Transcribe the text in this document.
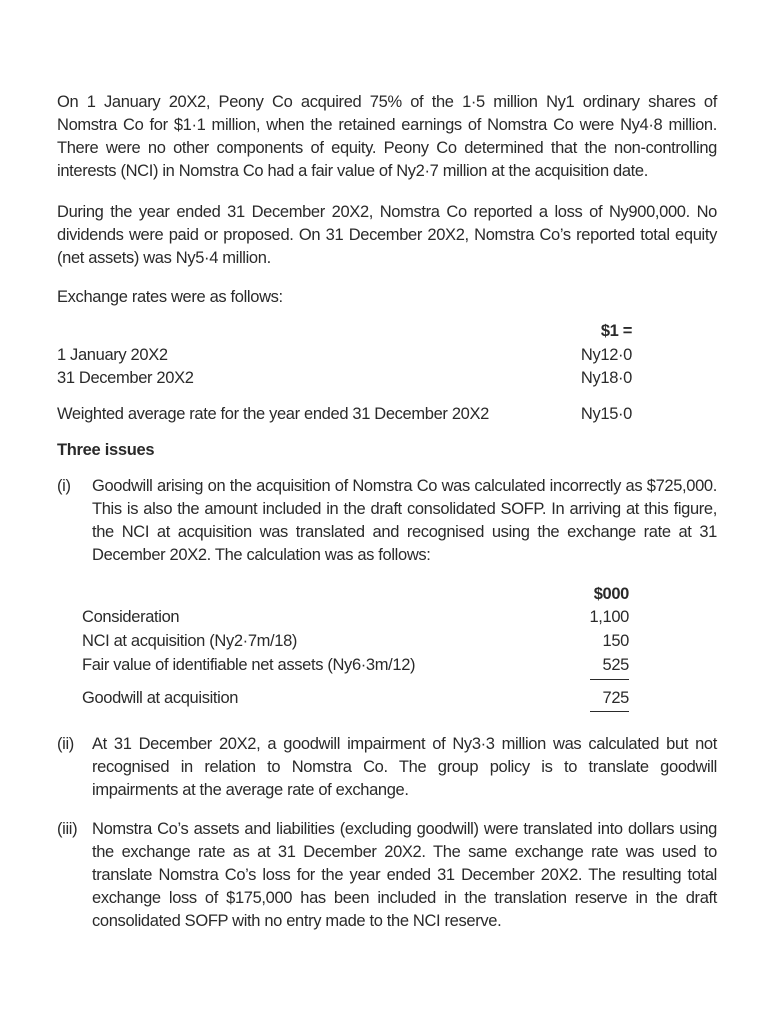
On 1 January 20X2, Peony Co acquired 75% of the 1·5 million Ny1 ordinary shares of Nomstra Co for $1·1 million, when the retained earnings of Nomstra Co were Ny4·8 million. There were no other components of equity. Peony Co determined that the non-controlling interests (NCI) in Nomstra Co had a fair value of Ny2·7 million at the acquisition date.

During the year ended 31 December 20X2, Nomstra Co reported a loss of Ny900,000. No dividends were paid or proposed. On 31 December 20X2, Nomstra Co’s reported total equity (net assets) was Ny5·4 million.

Exchange rates were as follows:

$1 =
1 January 20X2	Ny12·0
31 December 20X2	Ny18·0
Weighted average rate for the year ended 31 December 20X2	Ny15·0

Three issues

(i)	Goodwill arising on the acquisition of Nomstra Co was calculated incorrectly as $725,000. This is also the amount included in the draft consolidated SOFP. In arriving at this figure, the NCI at acquisition was translated and recognised using the exchange rate at 31 December 20X2. The calculation was as follows:
$000
Consideration	1,100
NCI at acquisition (Ny2·7m/18)	150
Fair value of identifiable net assets (Ny6·3m/12)	525
Goodwill at acquisition	725
(ii)	At 31 December 20X2, a goodwill impairment of Ny3·3 million was calculated but not recognised in relation to Nomstra Co. The group policy is to translate goodwill impairments at the average rate of exchange.
(iii) Nomstra Co’s assets and liabilities (excluding goodwill) were translated into dollars using the exchange rate as at 31 December 20X2. The same exchange rate was used to translate Nomstra Co’s loss for the year ended 31 December 20X2. The resulting total exchange loss of $175,000 has been included in the translation reserve in the draft consolidated SOFP with no entry made to the NCI reserve.
